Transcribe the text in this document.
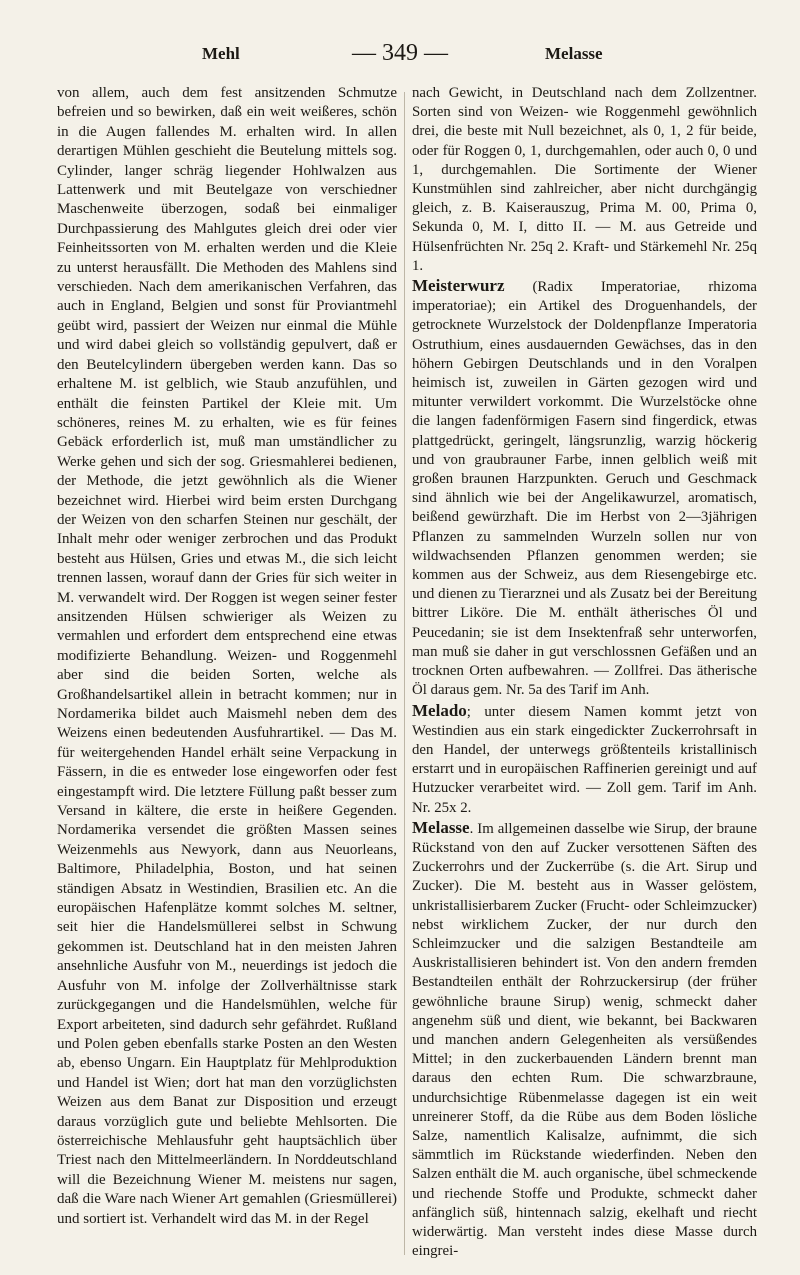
Mehl	— 349 —	Melasse

von allem, auch dem fest ansitzenden Schmutze befreien und so bewirken, daß ein weit weißeres, schön in die Augen fallendes M. erhalten wird. In allen derartigen Mühlen geschieht die Beutelung mittels sog. Cylinder, langer schräg liegender Hohlwalzen aus Lattenwerk und mit Beutelgaze von verschiedner Maschenweite überzogen, sodaß bei einmaliger Durchpassierung des Mahlgutes gleich drei oder vier Feinheitssorten von M. erhalten werden und die Kleie zu unterst herausfällt. Die Methoden des Mahlens sind verschieden. Nach dem amerikanischen Verfahren, das auch in England, Belgien und sonst für Proviantmehl geübt wird, passiert der Weizen nur einmal die Mühle und wird dabei gleich so vollständig gepulvert, daß er den Beutelcylindern übergeben werden kann. Das so erhaltene M. ist gelblich, wie Staub anzufühlen, und enthält die feinsten Partikel der Kleie mit. Um schöneres, reines M. zu erhalten, wie es für feines Gebäck erforderlich ist, muß man umständlicher zu Werke gehen und sich der sog. Griesmahlerei bedienen, der Methode, die jetzt gewöhnlich als die Wiener bezeichnet wird. Hierbei wird beim ersten Durchgang der Weizen von den scharfen Steinen nur geschält, der Inhalt mehr oder weniger zerbrochen und das Produkt besteht aus Hülsen, Gries und etwas M., die sich leicht trennen lassen, worauf dann der Gries für sich weiter in M. verwandelt wird. Der Roggen ist wegen seiner fester ansitzenden Hülsen schwieriger als Weizen zu vermahlen und erfordert dem entsprechend eine etwas modifizierte Behandlung. Weizen- und Roggenmehl aber sind die beiden Sorten, welche als Großhandelsartikel allein in betracht kommen; nur in Nordamerika bildet auch Maismehl neben dem des Weizens einen bedeutenden Ausfuhrartikel. — Das M. für weitergehenden Handel erhält seine Verpackung in Fässern, in die es entweder lose eingeworfen oder fest eingestampft wird. Die letztere Füllung paßt besser zum Versand in kältere, die erste in heißere Gegenden. Nordamerika versendet die größten Massen seines Weizenmehls aus Newyork, dann aus Neuorleans, Baltimore, Philadelphia, Boston, und hat seinen ständigen Absatz in Westindien, Brasilien etc. An die europäischen Hafenplätze kommt solches M. seltner, seit hier die Handelsmüllerei selbst in Schwung gekommen ist. Deutschland hat in den meisten Jahren ansehnliche Ausfuhr von M., neuerdings ist jedoch die Ausfuhr von M. infolge der Zollverhältnisse stark zurückgegangen und die Handelsmühlen, welche für Export arbeiteten, sind dadurch sehr gefährdet. Rußland und Polen geben ebenfalls starke Posten an den Westen ab, ebenso Ungarn. Ein Hauptplatz für Mehlproduktion und Handel ist Wien; dort hat man den vorzüglichsten Weizen aus dem Banat zur Disposition und erzeugt daraus vorzüglich gute und beliebte Mehlsorten. Die österreichische Mehlausfuhr geht hauptsächlich über Triest nach den Mittelmeerländern. In Norddeutschland will die Bezeichnung Wiener M. meistens nur sagen, daß die Ware nach Wiener Art gemahlen (Griesmüllerei) und sortiert ist. Verhandelt wird das M. in der Regel

nach Gewicht, in Deutschland nach dem Zollzentner. Sorten sind von Weizen- wie Roggenmehl gewöhnlich drei, die beste mit Null bezeichnet, als 0, 1, 2 für beide, oder für Roggen 0, 1, durchgemahlen, oder auch 0, 0 und 1, durchgemahlen. Die Sortimente der Wiener Kunstmühlen sind zahlreicher, aber nicht durchgängig gleich, z. B. Kaiserauszug, Prima M. 00, Prima 0, Sekunda 0, M. I, ditto II. — M. aus Getreide und Hülsenfrüchten Nr. 25q 2. Kraft- und Stärkemehl Nr. 25q 1.

Meisterwurz (Radix Imperatoriae, rhizoma imperatoriae); ein Artikel des Droguenhandels, der getrocknete Wurzelstock der Doldenpflanze Imperatoria Ostruthium, eines ausdauernden Gewächses, das in den höhern Gebirgen Deutschlands und in den Voralpen heimisch ist, zuweilen in Gärten gezogen wird und mitunter verwildert vorkommt. Die Wurzelstöcke ohne die langen fadenförmigen Fasern sind fingerdick, etwas plattgedrückt, geringelt, längsrunzlig, warzig höckerig und von graubrauner Farbe, innen gelblich weiß mit großen braunen Harzpunkten. Geruch und Geschmack sind ähnlich wie bei der Angelikawurzel, aromatisch, beißend gewürzhaft. Die im Herbst von 2—3jährigen Pflanzen zu sammelnden Wurzeln sollen nur von wildwachsenden Pflanzen genommen werden; sie kommen aus der Schweiz, aus dem Riesengebirge etc. und dienen zu Tierarznei und als Zusatz bei der Bereitung bittrer Liköre. Die M. enthält ätherisches Öl und Peucedanin; sie ist dem Insektenfraß sehr unterworfen, man muß sie daher in gut verschlossnen Gefäßen und an trocknen Orten aufbewahren. — Zollfrei. Das ätherische Öl daraus gem. Nr. 5a des Tarif im Anh.

Melado; unter diesem Namen kommt jetzt von Westindien aus ein stark eingedickter Zuckerrohrsaft in den Handel, der unterwegs größtenteils kristallinisch erstarrt und in europäischen Raffinerien gereinigt und auf Hutzucker verarbeitet wird. — Zoll gem. Tarif im Anh. Nr. 25x 2.

Melasse. Im allgemeinen dasselbe wie Sirup, der braune Rückstand von den auf Zucker versottenen Säften des Zuckerrohrs und der Zuckerrübe (s. die Art. Sirup und Zucker). Die M. besteht aus in Wasser gelöstem, unkristallisierbarem Zucker (Frucht- oder Schleimzucker) nebst wirklichem Zucker, der nur durch den Schleimzucker und die salzigen Bestandteile am Auskristallisieren behindert ist. Von den andern fremden Bestandteilen enthält der Rohrzuckersirup (der früher gewöhnliche braune Sirup) wenig, schmeckt daher angenehm süß und dient, wie bekannt, bei Backwaren und manchen andern Gelegenheiten als versüßendes Mittel; in den zuckerbauenden Ländern brennt man daraus den echten Rum. Die schwarzbraune, undurchsichtige Rübenmelasse dagegen ist ein weit unreinerer Stoff, da die Rübe aus dem Boden lösliche Salze, namentlich Kalisalze, aufnimmt, die sich sämmtlich im Rückstande wiederfinden. Neben den Salzen enthält die M. auch organische, übel schmeckende und riechende Stoffe und Produkte, schmeckt daher anfänglich süß, hintennach salzig, ekelhaft und riecht widerwärtig. Man versteht indes diese Masse durch eingrei-
